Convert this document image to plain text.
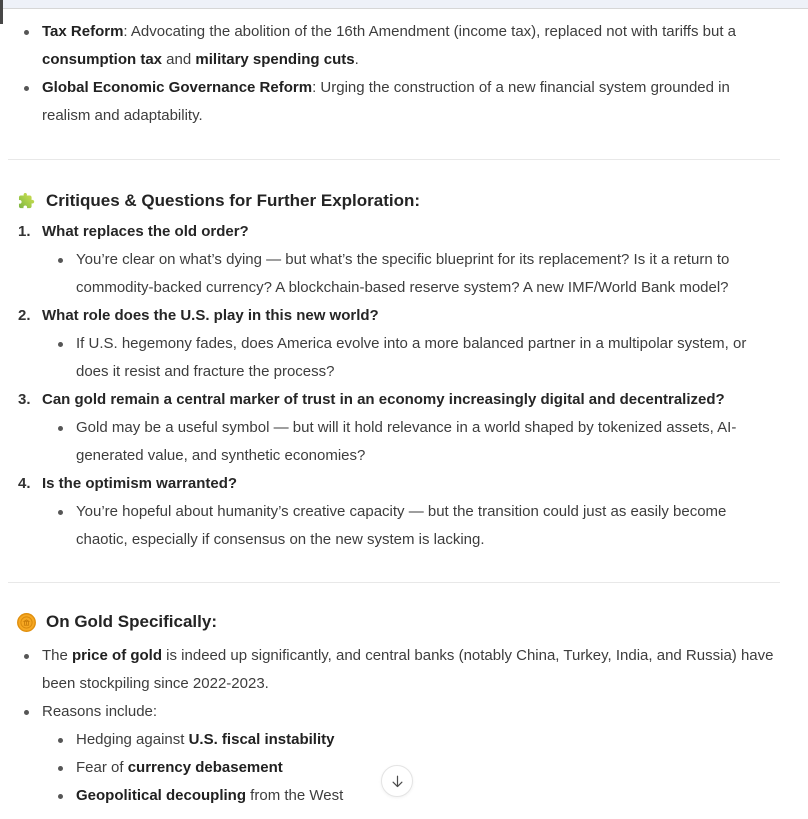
Tax Reform: Advocating the abolition of the 16th Amendment (income tax), replaced not with tariffs but a consumption tax and military spending cuts.
Global Economic Governance Reform: Urging the construction of a new financial system grounded in realism and adaptability.
Critiques & Questions for Further Exploration:
1. What replaces the old order?
You’re clear on what’s dying — but what’s the specific blueprint for its replacement? Is it a return to commodity-backed currency? A blockchain-based reserve system? A new IMF/World Bank model?
2. What role does the U.S. play in this new world?
If U.S. hegemony fades, does America evolve into a more balanced partner in a multipolar system, or does it resist and fracture the process?
3. Can gold remain a central marker of trust in an economy increasingly digital and decentralized?
Gold may be a useful symbol — but will it hold relevance in a world shaped by tokenized assets, AI-generated value, and synthetic economies?
4. Is the optimism warranted?
You’re hopeful about humanity’s creative capacity — but the transition could just as easily become chaotic, especially if consensus on the new system is lacking.
On Gold Specifically:
The price of gold is indeed up significantly, and central banks (notably China, Turkey, India, and Russia) have been stockpiling since 2022-2023.
Reasons include:
Hedging against U.S. fiscal instability
Fear of currency debasement
Geopolitical decoupling from the West
